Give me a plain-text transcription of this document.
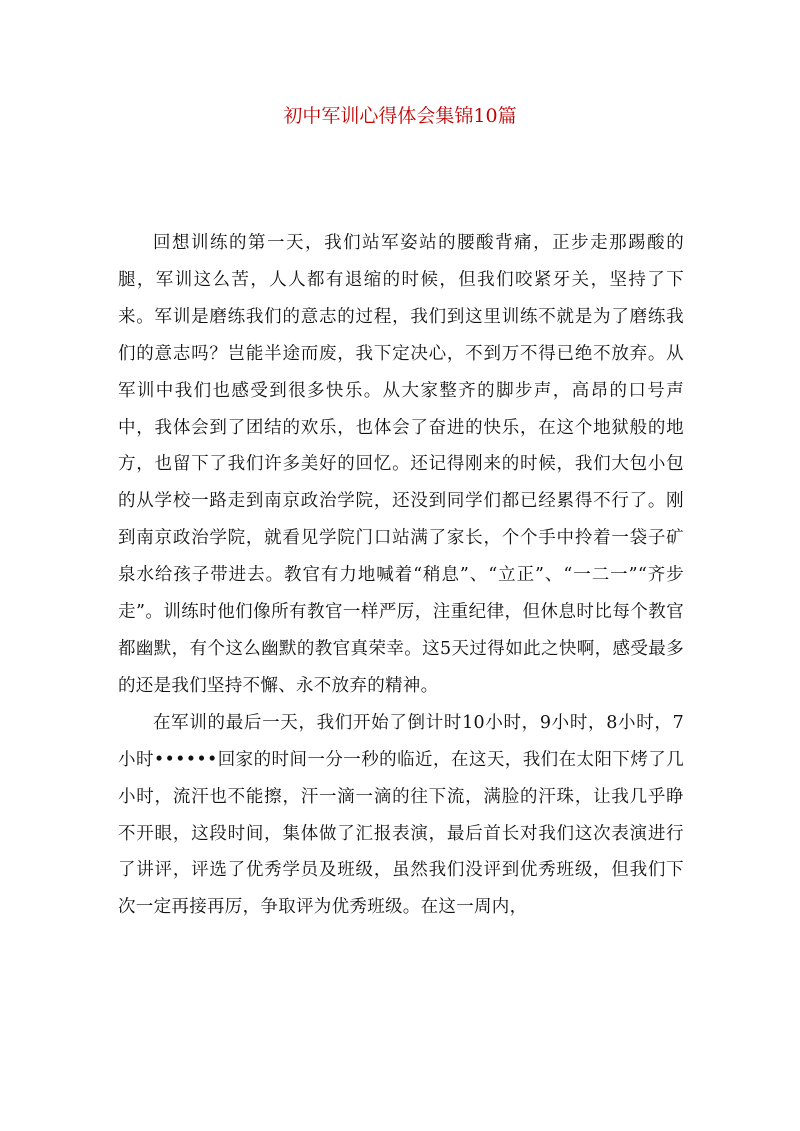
初中军训心得体会集锦10篇

回想训练的第一天，我们站军姿站的腰酸背痛，正步走那踢酸的腿，军训这么苦，人人都有退缩的时候，但我们咬紧牙关，坚持了下来。军训是磨练我们的意志的过程，我们到这里训练不就是为了磨练我们的意志吗？岂能半途而废，我下定决心，不到万不得已绝不放弃。从军训中我们也感受到很多快乐。从大家整齐的脚步声，高昂的口号声中，我体会到了团结的欢乐，也体会了奋进的快乐，在这个地狱般的地方，也留下了我们许多美好的回忆。还记得刚来的时候，我们大包小包的从学校一路走到南京政治学院，还没到同学们都已经累得不行了。刚到南京政治学院，就看见学院门口站满了家长，个个手中拎着一袋子矿泉水给孩子带进去。教官有力地喊着“稍息”、“立正”、“一二一”“齐步走”。训练时他们像所有教官一样严厉，注重纪律，但休息时比每个教官都幽默，有个这么幽默的教官真荣幸。这5天过得如此之快啊，感受最多的还是我们坚持不懈、永不放弃的精神。

在军训的最后一天，我们开始了倒计时10小时，9小时，8小时，7小时••••••回家的时间一分一秒的临近，在这天，我们在太阳下烤了几小时，流汗也不能擦，汗一滴一滴的往下流，满脸的汗珠，让我几乎睁不开眼，这段时间，集体做了汇报表演，最后首长对我们这次表演进行了讲评，评选了优秀学员及班级，虽然我们没评到优秀班级，但我们下次一定再接再厉，争取评为优秀班级。在这一周内，
